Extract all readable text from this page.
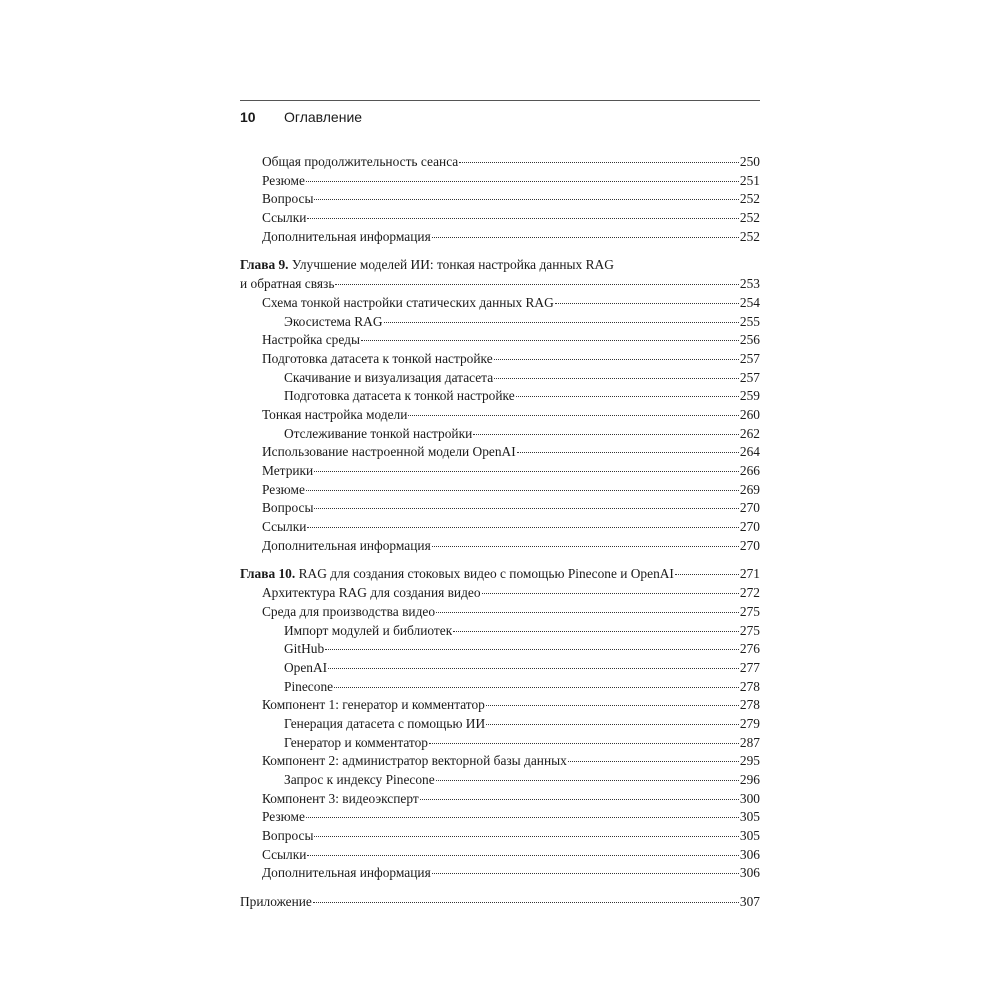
10 Оглавление
Общая продолжительность сеанса	250
Резюме	251
Вопросы	252
Ссылки	252
Дополнительная информация	252
Глава 9. Улучшение моделей ИИ: тонкая настройка данных RAG
и обратная связь	253
Схема тонкой настройки статических данных RAG	254
Экосистема RAG	255
Настройка среды	256
Подготовка датасета к тонкой настройке	257
Скачивание и визуализация датасета	257
Подготовка датасета к тонкой настройке	259
Тонкая настройка модели	260
Отслеживание тонкой настройки	262
Использование настроенной модели OpenAI	264
Метрики	266
Резюме	269
Вопросы	270
Ссылки	270
Дополнительная информация	270
Глава 10. RAG для создания стоковых видео с помощью Pinecone и OpenAI	271
Архитектура RAG для создания видео	272
Среда для производства видео	275
Импорт модулей и библиотек	275
GitHub	276
OpenAI	277
Pinecone	278
Компонент 1: генератор и комментатор	278
Генерация датасета с помощью ИИ	279
Генератор и комментатор	287
Компонент 2: администратор векторной базы данных	295
Запрос к индексу Pinecone	296
Компонент 3: видеоэксперт	300
Резюме	305
Вопросы	305
Ссылки	306
Дополнительная информация	306
Приложение	307
